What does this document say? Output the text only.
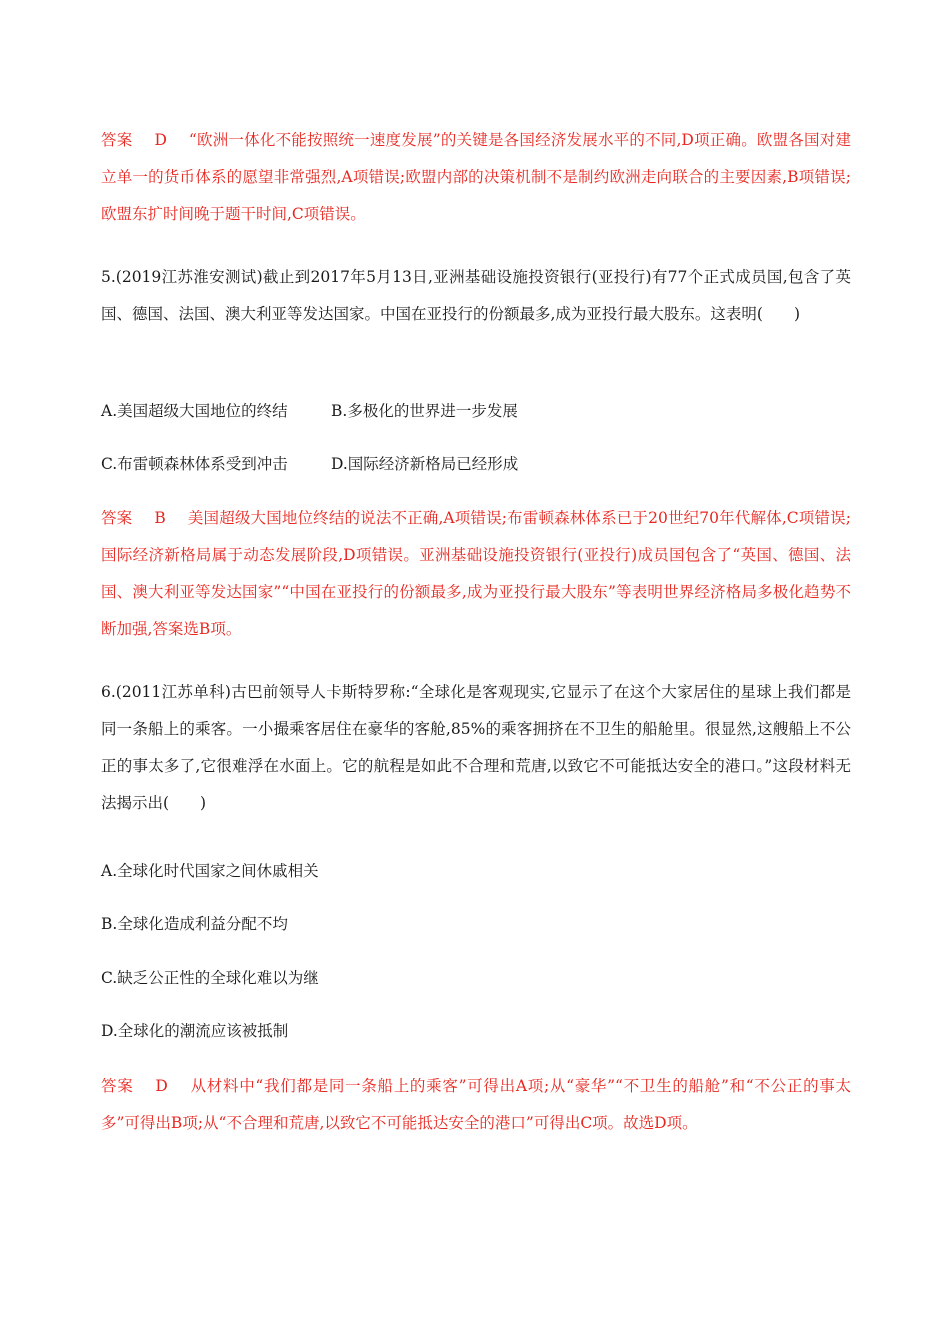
答案 D “欧洲一体化不能按照统一速度发展”的关键是各国经济发展水平的不同,D项正确。欧盟各国对建立单一的货币体系的愿望非常强烈,A项错误;欧盟内部的决策机制不是制约欧洲走向联合的主要因素,B项错误;欧盟东扩时间晚于题干时间,C项错误。

5.(2019江苏淮安测试)截止到2017年5月13日,亚洲基础设施投资银行(亚投行)有77个正式成员国,包含了英国、德国、法国、澳大利亚等发达国家。中国在亚投行的份额最多,成为亚投行最大股东。这表明(　　)

A.美国超级大国地位的终结	B.多极化的世界进一步发展
C.布雷顿森林体系受到冲击	D.国际经济新格局已经形成

答案 B 美国超级大国地位终结的说法不正确,A项错误;布雷顿森林体系已于20世纪70年代解体,C项错误;国际经济新格局属于动态发展阶段,D项错误。亚洲基础设施投资银行(亚投行)成员国包含了“英国、德国、法国、澳大利亚等发达国家”“中国在亚投行的份额最多,成为亚投行最大股东”等表明世界经济格局多极化趋势不断加强,答案选B项。

6.(2011江苏单科)古巴前领导人卡斯特罗称:“全球化是客观现实,它显示了在这个大家居住的星球上我们都是同一条船上的乘客。一小撮乘客居住在豪华的客舱,85%的乘客拥挤在不卫生的船舱里。很显然,这艘船上不公正的事太多了,它很难浮在水面上。它的航程是如此不合理和荒唐,以致它不可能抵达安全的港口。”这段材料无法揭示出(　　)

A.全球化时代国家之间休戚相关
B.全球化造成利益分配不均
C.缺乏公正性的全球化难以为继
D.全球化的潮流应该被抵制

答案 D 从材料中“我们都是同一条船上的乘客”可得出A项;从“豪华”“不卫生的船舱”和“不公正的事太多”可得出B项;从“不合理和荒唐,以致它不可能抵达安全的港口”可得出C项。故选D项。
